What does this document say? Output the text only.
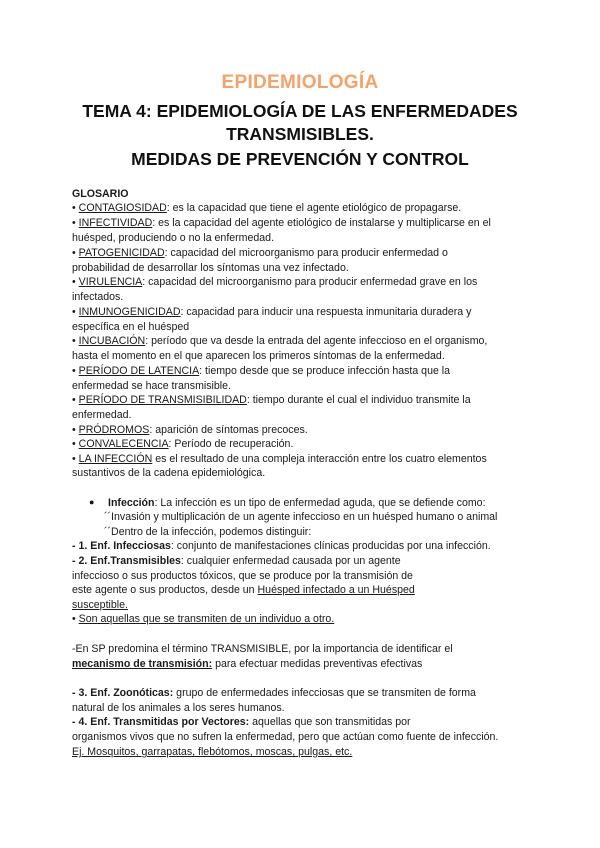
EPIDEMIOLOGÍA
TEMA 4: EPIDEMIOLOGÍA DE LAS ENFERMEDADES
TRANSMISIBLES.
MEDIDAS DE PREVENCIÓN Y CONTROL
GLOSARIO
• CONTAGIOSIDAD: es la capacidad que tiene el agente etiológico de propagarse.
• INFECTIVIDAD: es la capacidad del agente etiológico de instalarse y multiplicarse en el
huésped, produciendo o no la enfermedad.
• PATOGENICIDAD: capacidad del microorganismo para producir enfermedad o
probabilidad de desarrollar los síntomas una vez infectado.
• VIRULENCIA: capacidad del microorganismo para producir enfermedad grave en los
infectados.
• INMUNOGENICIDAD: capacidad para inducir una respuesta inmunitaria duradera y
específica en el huésped
• INCUBACIÓN: período que va desde la entrada del agente infeccioso en el organismo,
hasta el momento en el que aparecen los primeros síntomas de la enfermedad.
• PERÍODO DE LATENCIA: tiempo desde que se produce infección hasta que la
enfermedad se hace transmisible.
• PERÍODO DE TRANSMISIBILIDAD: tiempo durante el cual el individuo transmite la
enfermedad.
• PRÓDROMOS: aparición de síntomas precoces.
• CONVALECENCIA: Período de recuperación.
• LA INFECCIÓN es el resultado de una compleja interacción entre los cuatro elementos
sustantivos de la cadena epidemiológica.
● Infección: La infección es un tipo de enfermedad aguda, que se defiende como:
´´Invasión y multiplicación de un agente infeccioso en un huésped humano o animal
´´Dentro de la infección, podemos distinguir:
- 1. Enf. Infecciosas: conjunto de manifestaciones clínicas producidas por una infección.
- 2. Enf.Transmisibles: cualquier enfermedad causada por un agente
infeccioso o sus productos tóxicos, que se produce por la transmisión de
este agente o sus productos, desde un Huésped infectado a un Huésped
susceptible.
• Son aquellas que se transmiten de un individuo a otro.
-En SP predomina el término TRANSMISIBLE, por la importancia de identificar el
mecanismo de transmisión: para efectuar medidas preventivas efectivas
- 3. Enf. Zoonóticas: grupo de enfermedades infecciosas que se transmiten de forma
natural de los animales a los seres humanos.
- 4. Enf. Transmitidas por Vectores: aquellas que son transmitidas por
organismos vivos que no sufren la enfermedad, pero que actúan como fuente de infección.
Ej. Mosquitos, garrapatas, flebótomos, moscas, pulgas, etc.
